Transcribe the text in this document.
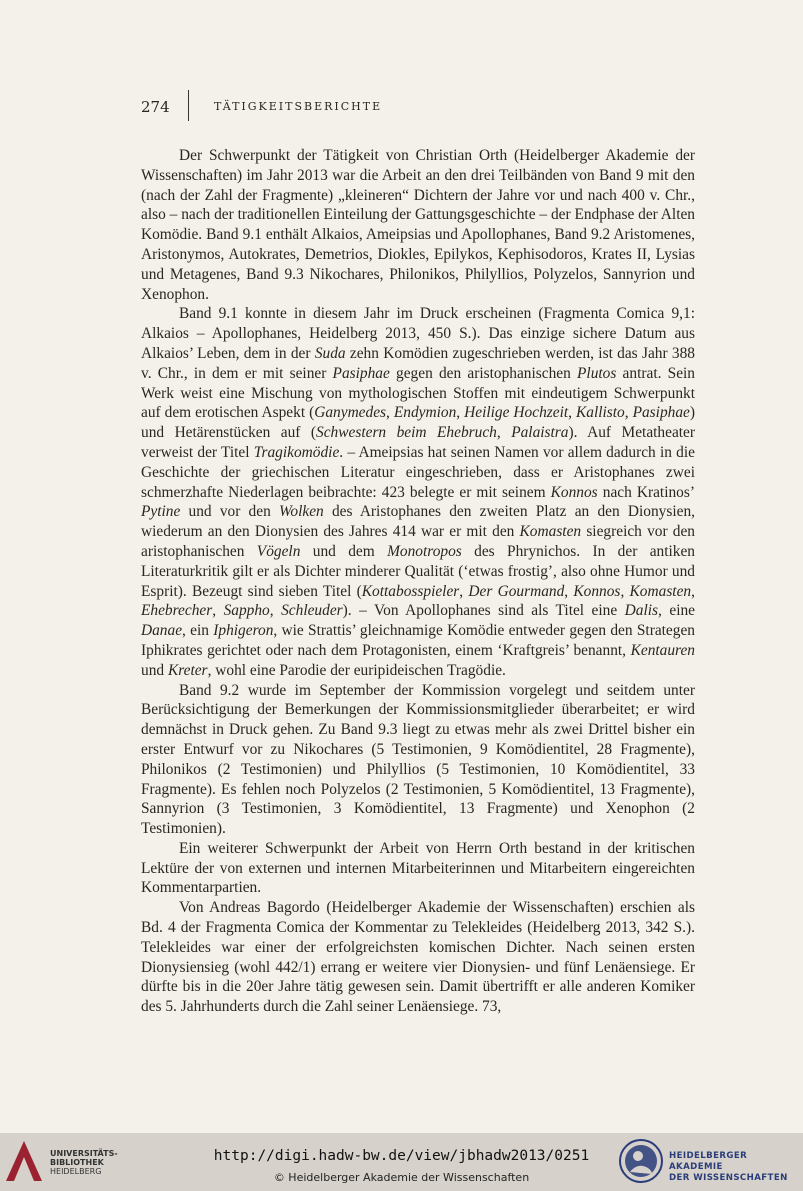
274	TÄTIGKEITSBERICHTE

Der Schwerpunkt der Tätigkeit von Christian Orth (Heidelberger Akademie der Wissenschaften) im Jahr 2013 war die Arbeit an den drei Teilbänden von Band 9 mit den (nach der Zahl der Fragmente) „kleineren“ Dichtern der Jahre vor und nach 400 v. Chr., also – nach der traditionellen Einteilung der Gattungsgeschichte – der Endphase der Alten Komödie. Band 9.1 enthält Alkaios, Ameipsias und Apollophanes, Band 9.2 Aristomenes, Aristonymos, Autokrates, Demetrios, Diokles, Epilykos, Kephisodoros, Krates II, Lysias und Metagenes, Band 9.3 Nikochares, Philonikos, Philyllios, Polyzelos, Sannyrion und Xenophon.

Band 9.1 konnte in diesem Jahr im Druck erscheinen (Fragmenta Comica 9,1: Alkaios – Apollophanes, Heidelberg 2013, 450 S.). Das einzige sichere Datum aus Alkaios’ Leben, dem in der Suda zehn Komödien zugeschrieben werden, ist das Jahr 388 v. Chr., in dem er mit seiner Pasiphae gegen den aristophanischen Plutos antrat. Sein Werk weist eine Mischung von mythologischen Stoffen mit eindeutigem Schwerpunkt auf dem erotischen Aspekt (Ganymedes, Endymion, Heilige Hochzeit, Kallisto, Pasiphae) und Hetärenstücken auf (Schwestern beim Ehebruch, Palaistra). Auf Metatheater verweist der Titel Tragikomödie. – Ameipsias hat seinen Namen vor allem dadurch in die Geschichte der griechischen Literatur eingeschrieben, dass er Aristophanes zwei schmerzhafte Niederlagen beibrachte: 423 belegte er mit seinem Konnos nach Kratinos’ Pytine und vor den Wolken des Aristophanes den zweiten Platz an den Dionysien, wiederum an den Dionysien des Jahres 414 war er mit den Komasten siegreich vor den aristophanischen Vögeln und dem Monotropos des Phrynichos. In der antiken Literaturkritik gilt er als Dichter minderer Qualität (‘etwas frostig’, also ohne Humor und Esprit). Bezeugt sind sieben Titel (Kottabosspieler, Der Gourmand, Konnos, Komasten, Ehebrecher, Sappho, Schleuder). – Von Apollophanes sind als Titel eine Dalis, eine Danae, ein Iphigeron, wie Strattis’ gleichnamige Komödie entweder gegen den Strategen Iphikrates gerichtet oder nach dem Protagonisten, einem ‘Kraftgreis’ benannt, Kentauren und Kreter, wohl eine Parodie der euripideischen Tragödie.

Band 9.2 wurde im September der Kommission vorgelegt und seitdem unter Berücksichtigung der Bemerkungen der Kommissionsmitglieder überarbeitet; er wird demnächst in Druck gehen. Zu Band 9.3 liegt zu etwas mehr als zwei Drittel bisher ein erster Entwurf vor zu Nikochares (5 Testimonien, 9 Komödientitel, 28 Fragmente), Philonikos (2 Testimonien) und Philyllios (5 Testimonien, 10 Komödientitel, 33 Fragmente). Es fehlen noch Polyzelos (2 Testimonien, 5 Komödientitel, 13 Fragmente), Sannyrion (3 Testimonien, 3 Komödientitel, 13 Fragmente) und Xenophon (2 Testimonien).

Ein weiterer Schwerpunkt der Arbeit von Herrn Orth bestand in der kritischen Lektüre der von externen und internen Mitarbeiterinnen und Mitarbeitern eingereichten Kommentarpartien.

Von Andreas Bagordo (Heidelberger Akademie der Wissenschaften) erschien als Bd. 4 der Fragmenta Comica der Kommentar zu Telekleides (Heidelberg 2013, 342 S.). Telekleides war einer der erfolgreichsten komischen Dichter. Nach seinen ersten Dionysiensieg (wohl 442/1) errang er weitere vier Dionysien- und fünf Lenäensiege. Er dürfte bis in die 20er Jahre tätig gewesen sein. Damit übertrifft er alle anderen Komiker des 5. Jahrhunderts durch die Zahl seiner Lenäensiege. 73,

UNIVERSITÄTS-
BIBLIOTHEK
HEIDELBERG
http://digi.hadw-bw.de/view/jbhadw2013/0251
© Heidelberger Akademie der Wissenschaften
HEIDELBERGER AKADEMIE
DER WISSENSCHAFTEN
